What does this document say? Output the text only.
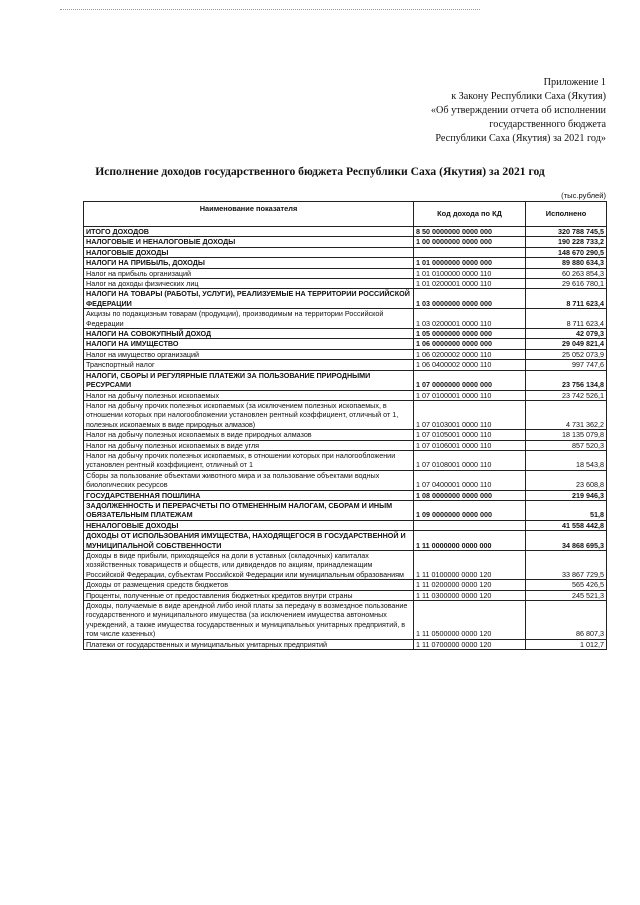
Приложение 1
к Закону Республики Саха (Якутия)
«Об утверждении отчета об исполнении
государственного бюджета
Республики Саха (Якутия) за 2021 год»
Исполнение доходов государственного бюджета Республики Саха (Якутия) за 2021 год
(тыс.рублей)
Наименование показателя	Код дохода по КД	Исполнено
ИТОГО ДОХОДОВ	8 50 0000000 0000 000	320 788 745,5
НАЛОГОВЫЕ И НЕНАЛОГОВЫЕ ДОХОДЫ	1 00 0000000 0000 000	190 228 733,2
НАЛОГОВЫЕ ДОХОДЫ		148 670 290,5
НАЛОГИ НА ПРИБЫЛЬ, ДОХОДЫ	1 01 0000000 0000 000	89 880 634,3
Налог на прибыль организаций	1 01 0100000 0000 110	60 263 854,3
Налог на доходы физических лиц	1 01 0200001 0000 110	29 616 780,1
НАЛОГИ НА ТОВАРЫ (РАБОТЫ, УСЛУГИ), РЕАЛИЗУЕМЫЕ НА ТЕРРИТОРИИ РОССИЙСКОЙ ФЕДЕРАЦИИ	1 03 0000000 0000 000	8 711 623,4
Акцизы по подакцизным товарам (продукции), производимым на территории Российской Федерации	1 03 0200001 0000 110	8 711 623,4
НАЛОГИ НА СОВОКУПНЫЙ ДОХОД	1 05 0000000 0000 000	42 079,3
НАЛОГИ НА ИМУЩЕСТВО	1 06 0000000 0000 000	29 049 821,4
Налог на имущество организаций	1 06 0200002 0000 110	25 052 073,9
Транспортный налог	1 06 0400002 0000 110	997 747,6
НАЛОГИ, СБОРЫ И РЕГУЛЯРНЫЕ ПЛАТЕЖИ ЗА ПОЛЬЗОВАНИЕ ПРИРОДНЫМИ РЕСУРСАМИ	1 07 0000000 0000 000	23 756 134,8
Налог на добычу полезных ископаемых	1 07 0100001 0000 110	23 742 526,1
Налог на добычу прочих полезных ископаемых (за исключением полезных ископаемых, в отношении которых при налогообложении установлен рентный коэффициент, отличный от 1, полезных ископаемых в виде природных алмазов)	1 07 0103001 0000 110	4 731 362,2
Налог на добычу полезных ископаемых в виде природных алмазов	1 07 0105001 0000 110	18 135 079,8
Налог на добычу полезных ископаемых в виде угля	1 07 0106001 0000 110	857 520,3
Налог на добычу прочих полезных ископаемых, в отношении которых при налогообложении установлен рентный коэффициент, отличный от 1	1 07 0108001 0000 110	18 543,8
Сборы за пользование объектами животного мира и за пользование объектами водных биологических ресурсов	1 07 0400001 0000 110	23 608,8
ГОСУДАРСТВЕННАЯ ПОШЛИНА	1 08 0000000 0000 000	219 946,3
ЗАДОЛЖЕННОСТЬ И ПЕРЕРАСЧЕТЫ ПО ОТМЕНЕННЫМ НАЛОГАМ, СБОРАМ И ИНЫМ ОБЯЗАТЕЛЬНЫМ ПЛАТЕЖАМ	1 09 0000000 0000 000	51,8
НЕНАЛОГОВЫЕ ДОХОДЫ		41 558 442,8
ДОХОДЫ ОТ ИСПОЛЬЗОВАНИЯ ИМУЩЕСТВА, НАХОДЯЩЕГОСЯ В ГОСУДАРСТВЕННОЙ И МУНИЦИПАЛЬНОЙ СОБСТВЕННОСТИ	1 11 0000000 0000 000	34 868 695,3
Доходы в виде прибыли, приходящейся на доли в уставных (складочных) капиталах хозяйственных товариществ и обществ, или дивидендов по акциям, принадлежащим Российской Федерации, субъектам Российской Федерации или муниципальным образованиям	1 11 0100000 0000 120	33 867 729,5
Доходы от размещения средств бюджетов	1 11 0200000 0000 120	565 426,5
Проценты, полученные от предоставления бюджетных кредитов внутри страны	1 11 0300000 0000 120	245 521,3
Доходы, получаемые в виде арендной либо иной платы за передачу в возмездное пользование государственного и муниципального имущества (за исключением имущества автономных учреждений, а также имущества государственных и муниципальных унитарных предприятий, в том числе казенных)	1 11 0500000 0000 120	86 807,3
Платежи от государственных и муниципальных унитарных предприятий	1 11 0700000 0000 120	1 012,7
